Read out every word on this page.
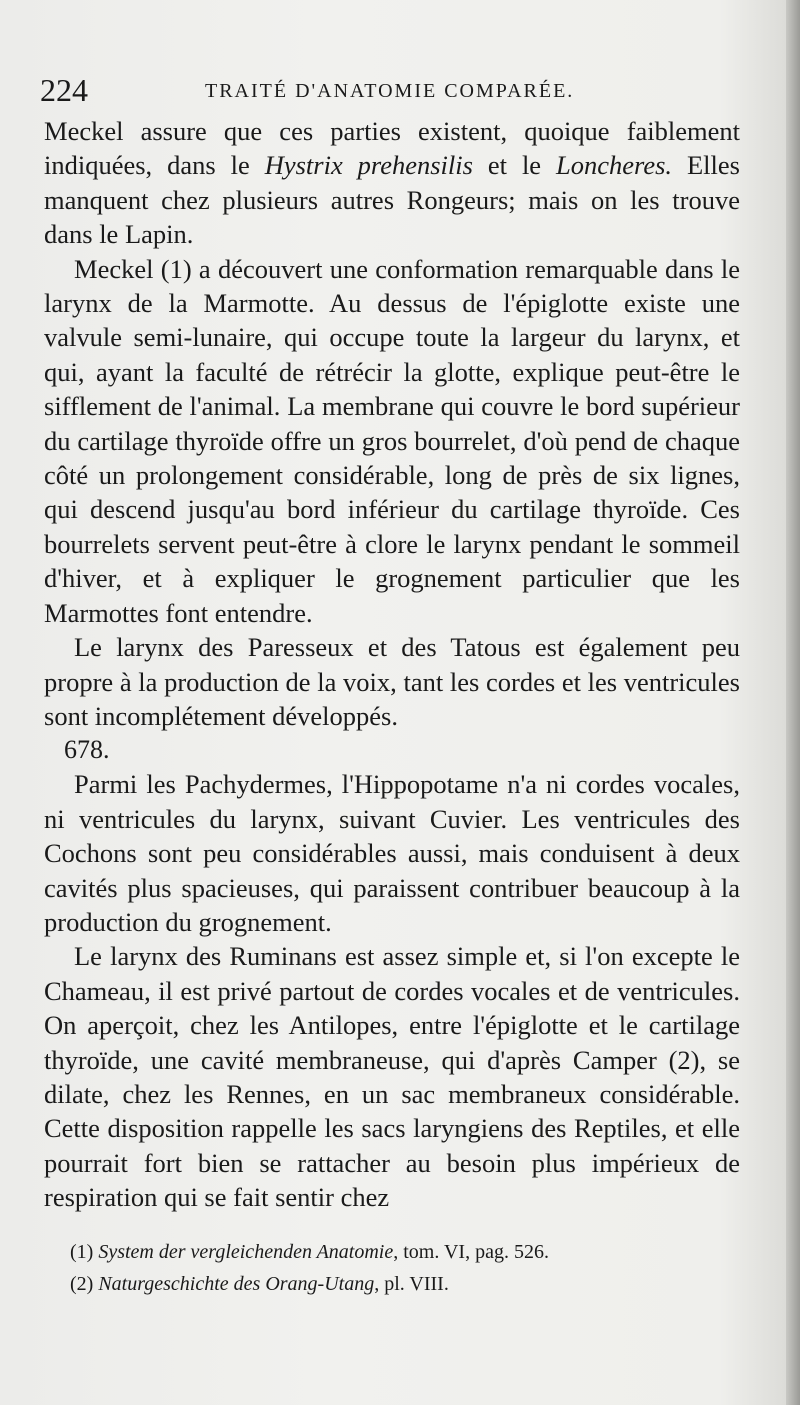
224	TRAITÉ D'ANATOMIE COMPARÉE.

Meckel assure que ces parties existent, quoique faiblement indiquées, dans le Hystrix prehensilis et le Loncheres. Elles manquent chez plusieurs autres Rongeurs; mais on les trouve dans le Lapin.

Meckel (1) a découvert une conformation remarquable dans le larynx de la Marmotte. Au dessus de l'épiglotte existe une valvule semi-lunaire, qui occupe toute la largeur du larynx, et qui, ayant la faculté de rétrécir la glotte, explique peut-être le sifflement de l'animal. La membrane qui couvre le bord supérieur du cartilage thyroïde offre un gros bourrelet, d'où pend de chaque côté un prolongement considérable, long de près de six lignes, qui descend jusqu'au bord inférieur du cartilage thyroïde. Ces bourrelets servent peut-être à clore le larynx pendant le sommeil d'hiver, et à expliquer le grognement particulier que les Marmottes font entendre.

Le larynx des Paresseux et des Tatous est également peu propre à la production de la voix, tant les cordes et les ventricules sont incomplétement développés.

678.

Parmi les Pachydermes, l'Hippopotame n'a ni cordes vocales, ni ventricules du larynx, suivant Cuvier. Les ventricules des Cochons sont peu considérables aussi, mais conduisent à deux cavités plus spacieuses, qui paraissent contribuer beaucoup à la production du grognement.

Le larynx des Ruminans est assez simple et, si l'on excepte le Chameau, il est privé partout de cordes vocales et de ventricules. On aperçoit, chez les Antilopes, entre l'épiglotte et le cartilage thyroïde, une cavité membraneuse, qui d'après Camper (2), se dilate, chez les Rennes, en un sac membraneux considérable. Cette disposition rappelle les sacs laryngiens des Reptiles, et elle pourrait fort bien se rattacher au besoin plus impérieux de respiration qui se fait sentir chez

(1) System der vergleichenden Anatomie, tom. VI, pag. 526.
(2) Naturgeschichte des Orang-Utang, pl. VIII.
